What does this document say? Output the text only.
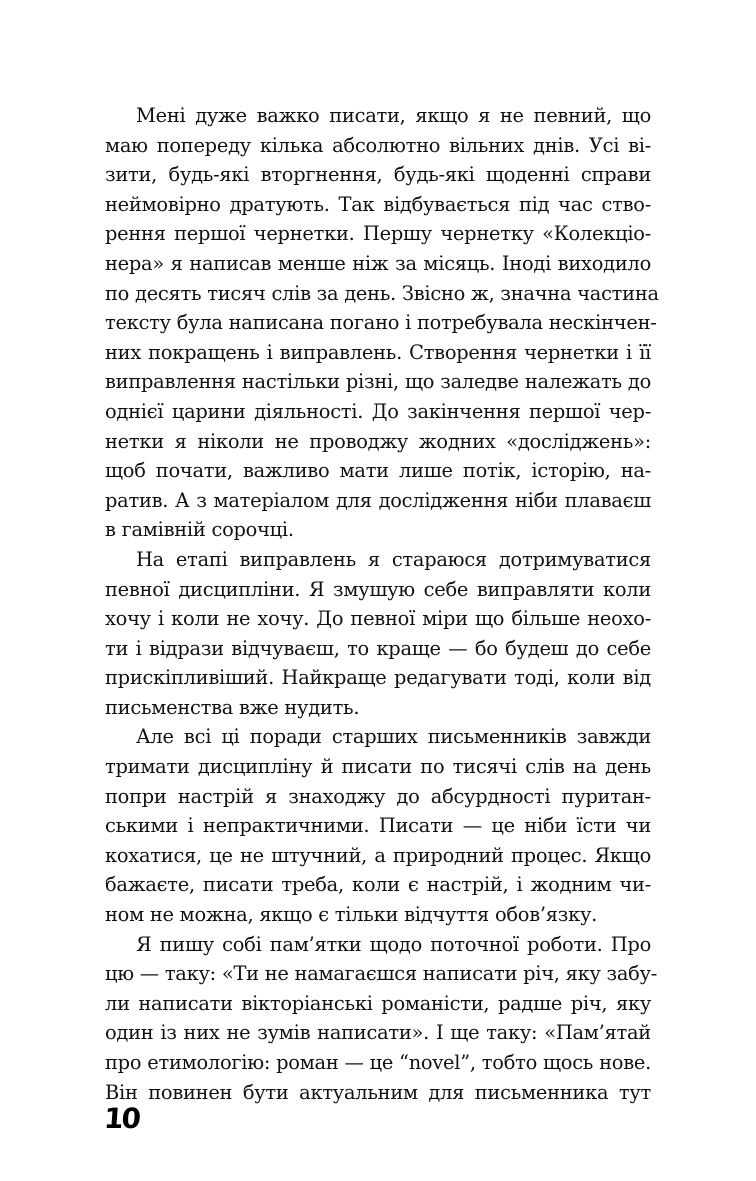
Мені дуже важко писати, якщо я не певний, що
маю попереду кілька абсолютно вільних днів. Усі ві-
зити, будь-які вторгнення, будь-які щоденні справи
неймовірно дратують. Так відбувається під час ство-
рення першої чернетки. Першу чернетку «Колекціо-
нера» я написав менше ніж за місяць. Іноді виходило
по десять тисяч слів за день. Звісно ж, значна частина
тексту була написана погано і потребувала нескінчен-
них покращень і виправлень. Створення чернетки і її
виправлення настільки різні, що заледве належать до
однієї царини діяльності. До закінчення першої чер-
нетки я ніколи не проводжу жодних «досліджень»:
щоб почати, важливо мати лише потік, історію, на-
ратив. А з матеріалом для дослідження ніби плаваєш
в гамівній сорочці.
На етапі виправлень я стараюся дотримуватися
певної дисципліни. Я змушую себе виправляти коли
хочу і коли не хочу. До певної міри що більше неохо-
ти і відрази відчуваєш, то краще — бо будеш до себе
прискіпливіший. Найкраще редагувати тоді, коли від
письменства вже нудить.
Але всі ці поради старших письменників завжди
тримати дисципліну й писати по тисячі слів на день
попри настрій я знаходжу до абсурдності пуритан-
ськими і непрактичними. Писати — це ніби їсти чи
кохатися, це не штучний, а природний процес. Якщо
бажаєте, писати треба, коли є настрій, і жодним чи-
ном не можна, якщо є тільки відчуття обов’язку.
Я пишу собі пам’ятки щодо поточної роботи. Про
цю — таку: «Ти не намагаєшся написати річ, яку забу-
ли написати вікторіанські романісти, радше річ, яку
один із них не зумів написати». І ще таку: «Пам’ятай
про етимологію: роман — це “novel”, тобто щось нове.
Він повинен бути актуальним для письменника тут
10
